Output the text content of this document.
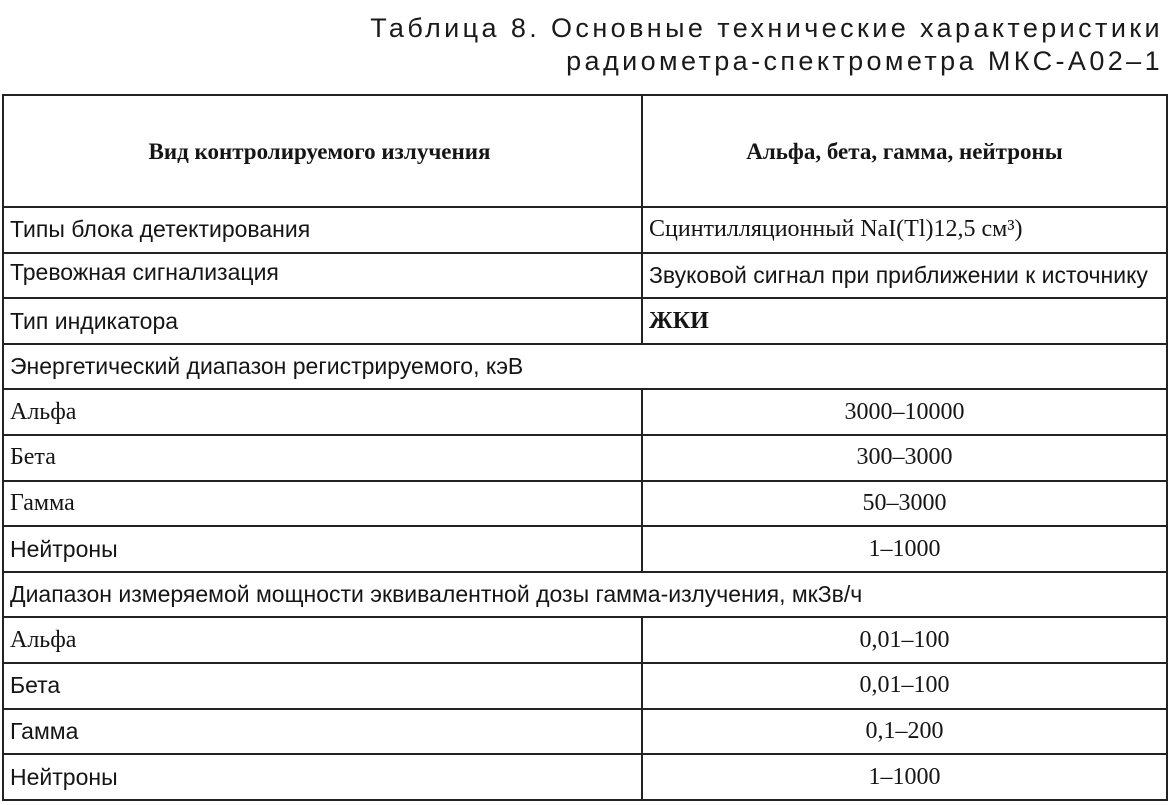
Таблица 8. Основные технические характеристики
радиометра-спектрометра МКС-А02–1
Вид контролируемого излучения	Альфа, бета, гамма, нейтроны
Типы блока детектирования	Сцинтилляционный NaI(Tl)12,5 см³)
Тревожная сигнализация	Звуковой сигнал при приближении к источнику
Тип индикатора	ЖКИ
Энергетический диапазон регистрируемого, кэВ	
Альфа	3000–10000
Бета	300–3000
Гамма	50–3000
Нейтроны	1–1000
Диапазон измеряемой мощности эквивалентной дозы гамма-излучения, мкЗв/ч	
Альфа	0,01–100
Бета	0,01–100
Гамма	0,1–200
Нейтроны	1–1000
